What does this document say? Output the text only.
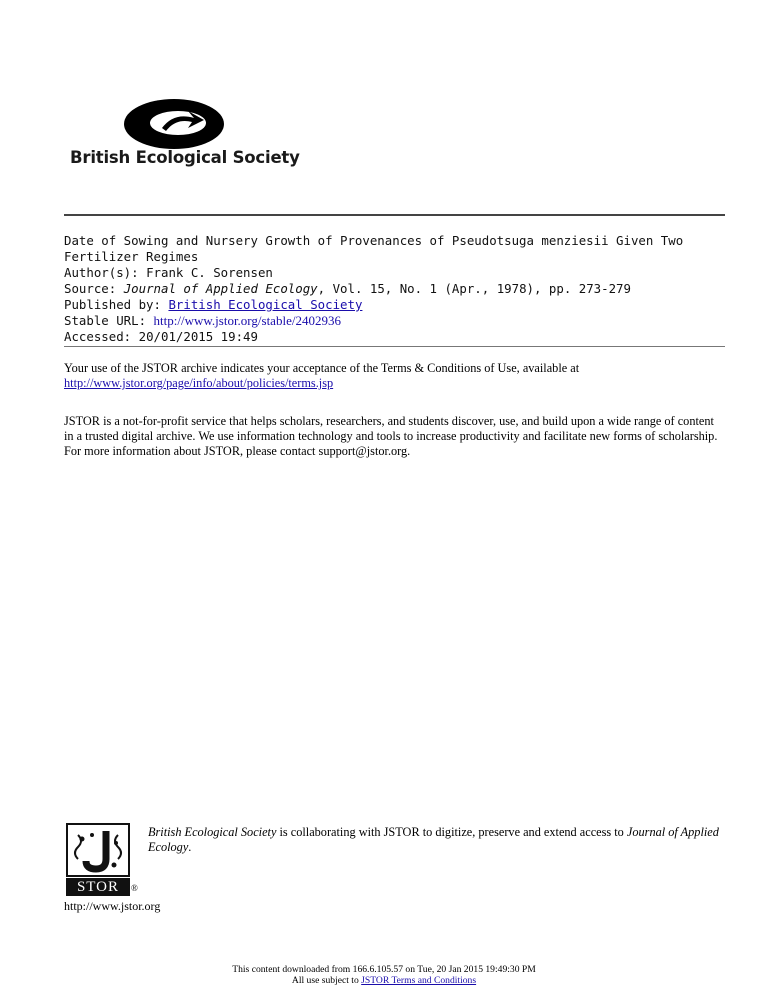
British Ecological Society
Date of Sowing and Nursery Growth of Provenances of Pseudotsuga menziesii Given Two Fertilizer Regimes
Author(s): Frank C. Sorensen
Source: Journal of Applied Ecology, Vol. 15, No. 1 (Apr., 1978), pp. 273-279
Published by: British Ecological Society
Stable URL: http://www.jstor.org/stable/2402936
Accessed: 20/01/2015 19:49
Your use of the JSTOR archive indicates your acceptance of the Terms & Conditions of Use, available at
http://www.jstor.org/page/info/about/policies/terms.jsp
JSTOR is a not-for-profit service that helps scholars, researchers, and students discover, use, and build upon a wide range of content in a trusted digital archive. We use information technology and tools to increase productivity and facilitate new forms of scholarship. For more information about JSTOR, please contact support@jstor.org.
STOR	®
British Ecological Society is collaborating with JSTOR to digitize, preserve and extend access to Journal of Applied Ecology.
http://www.jstor.org
This content downloaded from 166.6.105.57 on Tue, 20 Jan 2015 19:49:30 PM
All use subject to JSTOR Terms and Conditions
